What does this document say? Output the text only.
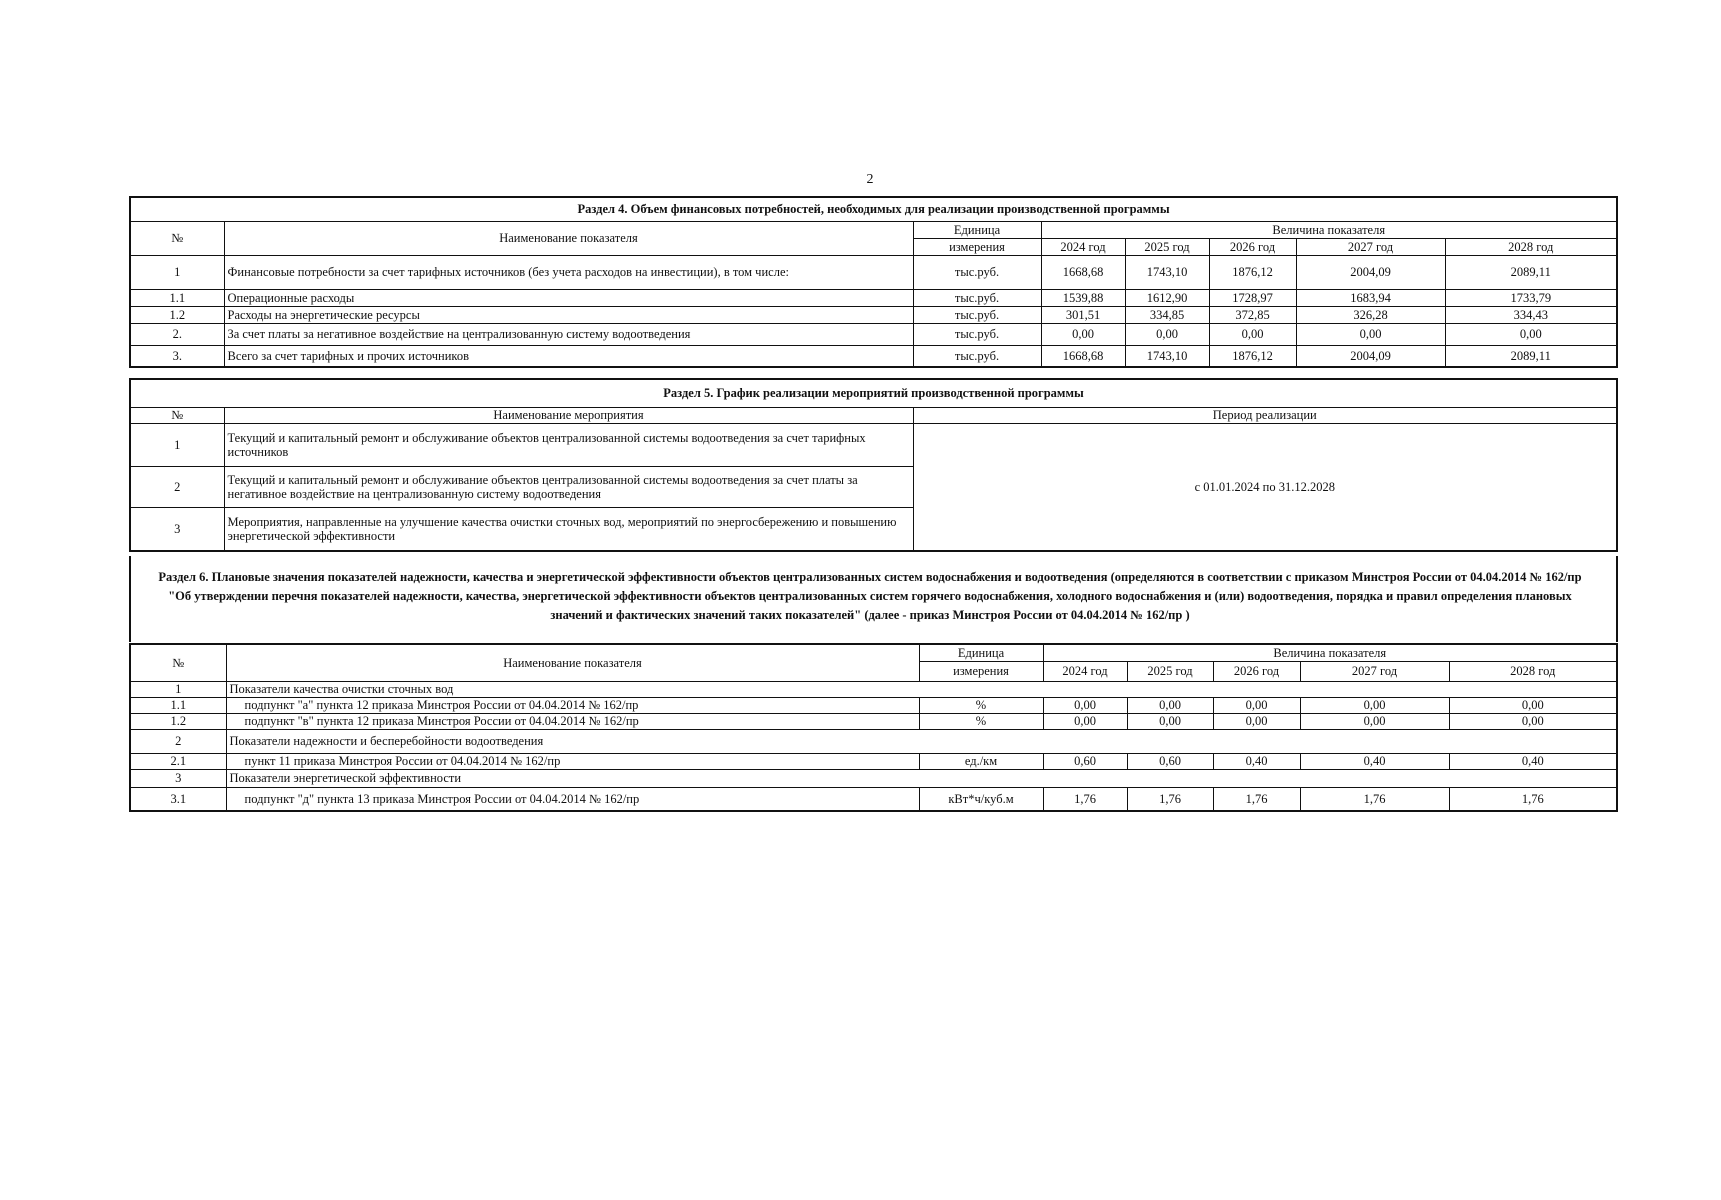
2
Раздел 4. Объем финансовых потребностей, необходимых для реализации производственной программы							
№	Наименование показателя	Единица	Величина показателя				
		измерения	2024 год	2025 год	2026 год	2027 год	2028 год
1	Финансовые потребности за счет тарифных источников (без учета расходов на инвестиции), в том числе:	тыс.руб.	1668,68	1743,10	1876,12	2004,09	2089,11
1.1	Операционные расходы	тыс.руб.	1539,88	1612,90	1728,97	1683,94	1733,79
1.2	Расходы на энергетические ресурсы	тыс.руб.	301,51	334,85	372,85	326,28	334,43
2.	За счет платы за негативное воздействие на централизованную систему водоотведения	тыс.руб.	0,00	0,00	0,00	0,00	0,00
3.	Всего за счет тарифных и прочих источников	тыс.руб.	1668,68	1743,10	1876,12	2004,09	2089,11
Раздел 5. График реализации мероприятий производственной программы		
№	Наименование мероприятия	Период реализации
1	Текущий и капитальный ремонт и обслуживание объектов централизованной системы водоотведения за счет тарифных источников	с 01.01.2024 по 31.12.2028
2	Текущий и капитальный ремонт и обслуживание объектов централизованной системы водоотведения за счет платы за негативное воздействие на централизованную систему водоотведения	
3	Мероприятия, направленные на улучшение качества очистки сточных вод, мероприятий по энергосбережению и повышению энергетической эффективности	
Раздел 6. Плановые значения показателей надежности, качества и энергетической эффективности объектов централизованных систем водоснабжения и водоотведения (определяются в соответствии с приказом Минстроя России от 04.04.2014 № 162/пр "Об утверждении перечня показателей надежности, качества, энергетической эффективности объектов централизованных систем горячего водоснабжения, холодного водоснабжения и (или) водоотведения, порядка и правил определения плановых значений и фактических значений таких показателей" (далее - приказ Минстроя России от 04.04.2014 № 162/пр )
№	Наименование показателя	Единица	Величина показателя				
		измерения	2024 год	2025 год	2026 год	2027 год	2028 год
1	Показатели качества очистки сточных вод						
1.1	подпункт "а" пункта 12 приказа Минстроя России от 04.04.2014 № 162/пр	%	0,00	0,00	0,00	0,00	0,00
1.2	подпункт "в" пункта 12 приказа Минстроя России от 04.04.2014 № 162/пр	%	0,00	0,00	0,00	0,00	0,00
2	Показатели надежности и бесперебойности водоотведения						
2.1	пункт 11 приказа Минстроя России от 04.04.2014 № 162/пр	ед./км	0,60	0,60	0,40	0,40	0,40
3	Показатели энергетической эффективности						
3.1	подпункт "д" пункта 13 приказа Минстроя России от 04.04.2014 № 162/пр	кВт*ч/куб.м	1,76	1,76	1,76	1,76	1,76
